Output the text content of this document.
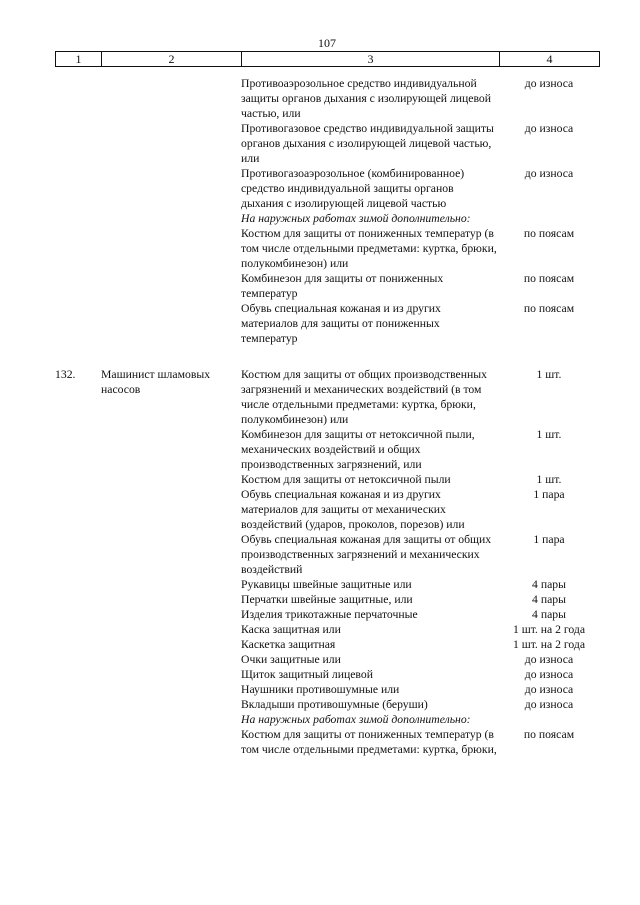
107
1	2	3	4
		Противоаэрозольное средство индивидуальной защиты органов дыхания с изолирующей лицевой частью, или	до износа
		Противогазовое средство индивидуальной защиты органов дыхания с изолирующей лицевой частью, или	до износа
		Противогазоаэрозольное (комбинированное) средство индивидуальной защиты органов дыхания с изолирующей лицевой частью	до износа
		На наружных работах зимой дополнительно:	
		Костюм для защиты от пониженных температур (в том числе отдельными предметами: куртка, брюки, полукомбинезон) или	по поясам
		Комбинезон для защиты от пониженных температур	по поясам
		Обувь специальная кожаная и из других материалов для защиты от пониженных температур	по поясам

132.	Машинист шламовых насосов	Костюм для защиты от общих производственных загрязнений и механических воздействий (в том числе отдельными предметами: куртка, брюки, полукомбинезон) или	1 шт.
		Комбинезон для защиты от нетоксичной пыли, механических воздействий и общих производственных загрязнений, или	1 шт.
		Костюм для защиты от нетоксичной пыли	1 шт.
		Обувь специальная кожаная и из других материалов для защиты от механических воздействий (ударов, проколов, порезов) или	1 пара
		Обувь специальная кожаная для защиты от общих производственных загрязнений и механических воздействий	1 пара
		Рукавицы швейные защитные или	4 пары
		Перчатки швейные защитные, или	4 пары
		Изделия трикотажные перчаточные	4 пары
		Каска защитная или	1 шт. на 2 года
		Каскетка защитная	1 шт. на 2 года
		Очки защитные или	до износа
		Щиток защитный лицевой	до износа
		Наушники противошумные или	до износа
		Вкладыши противошумные (беруши)	до износа
		На наружных работах зимой дополнительно:	
		Костюм для защиты от пониженных температур (в том числе отдельными предметами: куртка, брюки,	по поясам
